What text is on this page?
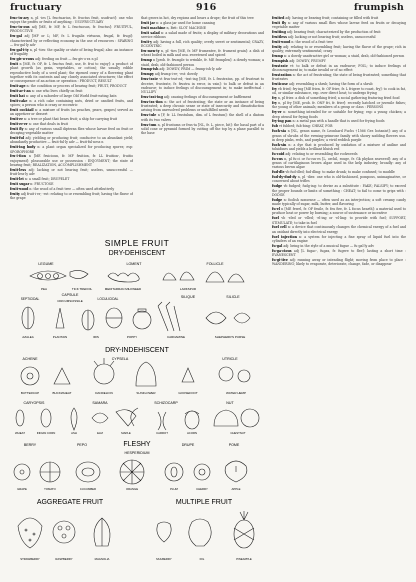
fructuary	916	frumpish

fruc·tu·ary n, pl -ies [L fructuarius, fr. fructus fruit, usufruct]: one who enjoys the profits or fruits of anything : USUFRUCTUARY

fruc·tu·ous adj [ME, fr. MF, fr. L fructuosus, fr. fructus]: FRUITFUL, PRODUCTIVE

fru·gal adj [MF or L; MF, fr. L frugalis virtuous, frugal, fr. frugi]: characterized by or reflecting economy in the use of resources : SPARING — fru·gal·ly adv

fru·gal·i·ty n, pl -ties: the quality or state of being frugal; also: an instance of frugality

fru·giv·o·rous adj: feeding on fruit — fru·giv·o·ra n pl

fruit n [ME, fr. OF, fr. L fructus fruit, use, fr. frui to enjoy]: a product of plant growth (as grain, vegetables, or cotton); the usually edible reproductive body of a seed plant; the ripened ovary of a flowering plant together with its contents and any closely associated structures; the effect or consequence of an action or operation : PRODUCT, RESULT

fruit·age n: the condition or process of bearing fruit; FRUIT, PRODUCT

fruit·ar·i·an n: one who lives chiefly on fruit

fruit bat n: any of a suborder of large Old World fruit-eating bats

fruit·cake n: a rich cake containing nuts, dried or candied fruits, and spices; a person who is crazy or eccentric

fruit cocktail n: a mixture of fruits (as peaches, pears, grapes) served as an appetizer or dessert

fruit·er n: a tree or plant that bears fruit; a ship for carrying fruit

fruit·er·er n: one that deals in fruit

fruit fly n: any of various small dipteran flies whose larvae feed on fruit or decaying vegetable matter

fruit·ful adj: yielding or producing fruit; conducive to an abundant yield; abundantly productive — fruit·ful·ly adv — fruit·ful·ness n

fruit·ing body n: a plant organ specialized for producing spores; esp: SPOROPHORE

fru·i·tion n [ME fruicioun, fr. MF fruition, fr. LL fruition-, fruitio enjoyment]: pleasurable use or possession : ENJOYMENT; the state of bearing fruit; REALIZATION, ACCOMPLISHMENT

fruit·less adj: lacking or not bearing fruit; useless, unsuccessful — fruit·less·ly adv

fruit·let n: a small fruit; DRUPELET

fruit sugar n: FRUCTOSE

fruit·wood n: the wood of a fruit tree — often used attributively

fruity adj fruit·i·er; -est: relating to or resembling fruit; having the flavor of the grape

that grows in hot, dry regions and bears a drupe; the fruit of this tree

fruit jar n: a glass jar used for home canning

fruit machine n, Brit: SLOT MACHINE

fruit salad n: a salad made of fruits; a display of military decorations and service ribbons

fruit·y adj: having a full, rich quality; overly sweet or sentimental; CRAZY, ECCENTRIC

fru·men·ty n, pl -ties [ME, fr. MF frumentee, fr. frument grain]: a dish of wheat boiled in milk and usu. sweetened and spiced

frump n [prob. fr. frumple to wrinkle, fr. ME fromplen]: a dowdy woman; a staid, drab, old-fashioned person

frump·ish adj: DOWDY, PRIM — frump·ish·ly adv

frumpy adj frump·i·er; -est: dowdy

frus·trate vt frus·trat·ed; -trat·ing [ME, fr. L frustratus, pp. of frustrari to deceive, frustrate, fr. frustra in error, in vain]: to balk or defeat in an endeavor; to induce feelings of discouragement in; to make ineffectual : NULLIFY

frus·trat·ing adj: causing feelings of discouragement or bafflement

frus·tra·tion n: the act of frustrating; the state or an instance of being frustrated; a deep chronic sense or state of insecurity and dissatisfaction arising from unresolved problems or unfulfilled needs

frus·tule n [F, fr. LL frustulum, dim. of L frustum]: the shell of a diatom with its two valves

frus·tum n, pl frustums or frus·ta [NL, fr. L, piece, bit]: the basal part of a solid cone or pyramid formed by cutting off the top by a plane parallel to the base

fruited adj: having or bearing fruit; containing or filled with fruit

fruit fly n: any of various small flies whose larvae feed on fruits or decaying vegetable matter

fruiting adj: bearing fruit; characterized by the production of fruit

fruitless adj: lacking or not bearing fruit; useless, unsuccessful

fruit·wood n: the wood of a fruit tree

fruity adj: relating to or resembling fruit; having the flavor of the grape; rich in quality; extremely sentimental; crazy

frump n: a dowdy unattractive girl or woman; a staid, drab, old-fashioned person

frumpish adj: DOWDY, FRUMPY

frustrate vt: to balk or defeat in an endeavor; FOIL; to induce feelings of discouragement in; to make invalid or of no effect

frustration n: the act of frustrating; the state of being frustrated; something that frustrates

fruticose adj: resembling a shrub; having the form of a shrub

fry vb fried; fry·ing [ME frien, fr. OF frire, fr. L frigere to roast, fry]: to cook in fat, oil, or similar substance, esp. over direct heat; to undergo frying

fry n, pl fries: a dish of something fried; a social gathering featuring fried food

fry n, pl fry [ME, prob. fr. ONF fri, fr. frier]: recently hatched or juvenile fishes; the young of other animals; members of a group or class : PERSONS

fry·er n: something intended for or suitable for frying; esp: a young chicken; a deep utensil for frying foods

fry·ing pan n: a metal pan with a handle that is used for frying foods

fub vt fubbed; fub·bing: CHEAT, FOB

fuch·sia n [NL, genus name, fr. Leonhard Fuchs †1566 Ger. botanist]: any of a genus of shrubs of the evening-primrose family with showy nodding flowers usu. in deep pinks, reds, and purples; a vivid reddish purple

fuch·sin n: a dye that is produced by oxidation of a mixture of aniline and toluidines and yields a brilliant bluish red

fu·coid adj: relating to or resembling the rockweeds

fu·cus n, pl fu·ci or fu·cus·es [L, orchil, rouge, fr. Gk phykos seaweed]: any of a genus of cartilaginous brown algae used in the kelp industry; broadly: any of various brown algae

fud·dle vb fud·dled; fud·dling: to make drunk; to make confused; to muddle

fud·dy-dud·dy n, pl -dies: one who is old-fashioned, pompous, unimaginative, or concerned about trifles

fudge vb fudged; fudg·ing: to devise as a substitute : FAKE; FALSIFY; to exceed the proper bounds or limits of something : CHEAT; to fail to come to grips with : DODGE

fudge n: foolish nonsense — often used as an interjection; a soft creamy candy made typically of sugar, milk, butter, and flavoring

fu·el n [ME fewel, fr. OF feuile, fr. feu fire, fr. L focus hearth]: a material used to produce heat or power by burning; a source of sustenance or incentive

fuel vb -eled or -elled; -el·ing or -el·ling: to provide with fuel; SUPPORT, STIMULATE; to take in fuel

fuel cell n: a device that continuously changes the chemical energy of a fuel and an oxidant directly into electrical energy

fuel injection n: a system for injecting a fine spray of liquid fuel into the cylinders of an engine

fu·gal adj: being in the style of a musical fugue — fu·gal·ly adv

fu·ga·cious adj [L fugac-, fugax, fr. fugere to flee]: lasting a short time : EVANESCENT

fu·gi·tive adj: running away or intending flight; moving from place to place : WANDERING; likely to evaporate, deteriorate, change, fade, or disappear

SIMPLE FRUIT
DRY-DEHISCENT
LEGUME	LOMENT	FOLLICLE
PEA	TICK TREFOIL	MEDITARRAN MILKWEED	LARKSPUR
SEPTICIDAL
CAPSULE
CIRCUMSCISSILE	LOCULICIDAL	SILIQUE	SILICLE
AZALEA	PLANTAIN	IRIS	POPPY	CARDAMINE	SHEPHERD'S PURSE
DRY-INDEHISCENT
ACHENE	CYPSELA	UTRICLE
BUTTERCUP	BUCKWHEAT	DANDELION	SUNFLOWER	GOOSEFOOT	WATER HEMP
CARYOPSIS	SAMARA	SCHIZOCARP	NUT
WHEAT	INDIAN CORN	ASH	ELM	MAPLE	CARROT	ACORN	CHESTNUT
FLESHY
BERRY	PEPO
HESPERIDIUM
DRUPE	POME
GRAPE	TOMATO	CUCUMBER	ORANGE	PLUM	CHERRY	APPLE
AGGREGATE FRUIT	MULTIPLE FRUIT
STRAWBERRY	RASPBERRY	MAGNOLIA	MULBERRY	FIG	PINEAPPLE
